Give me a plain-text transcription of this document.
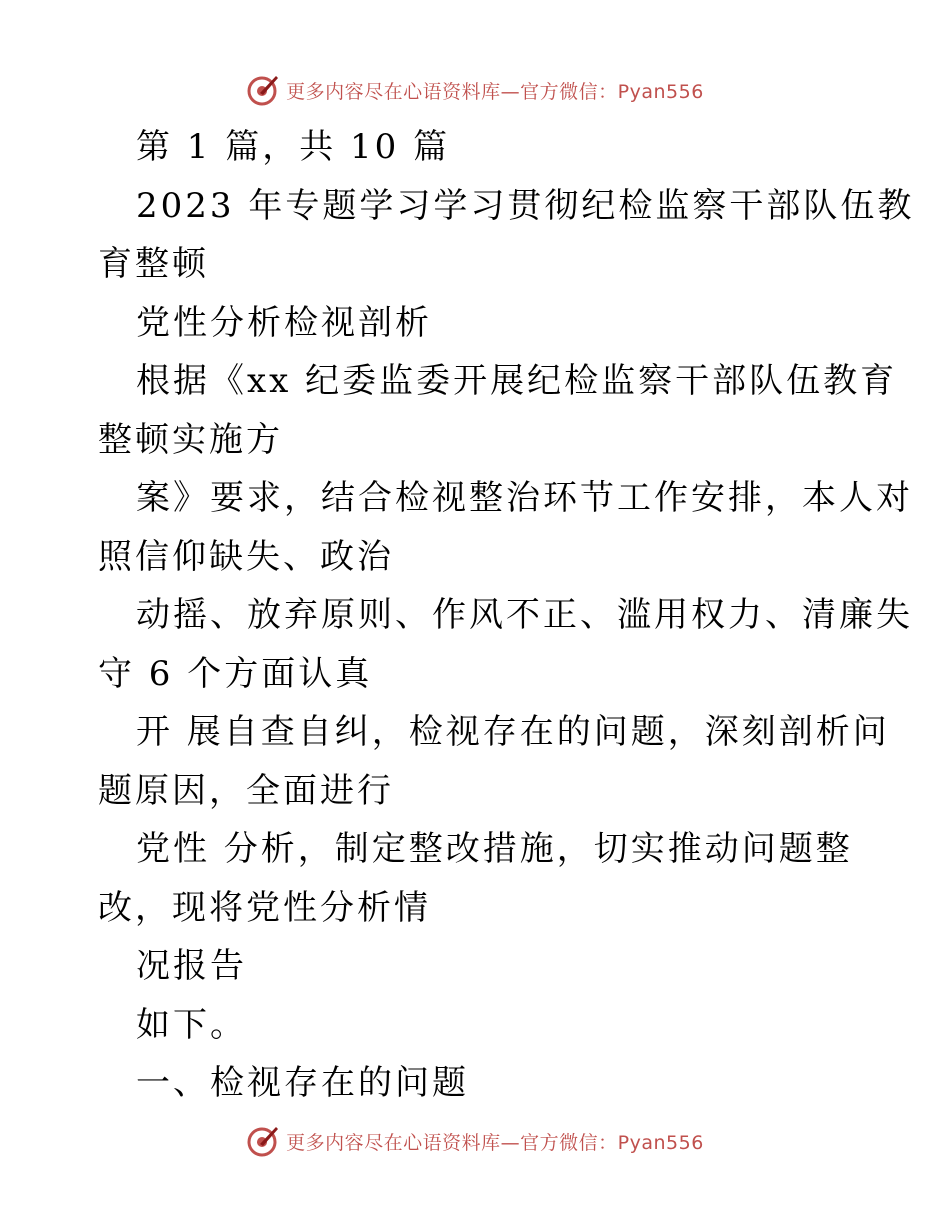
更多内容尽在心语资料库—官方微信：Pyan556
第 1 篇，共 10 篇
2023 年专题学习学习贯彻纪检监察干部队伍教
育整顿
党性分析检视剖析
根据《xx 纪委监委开展纪检监察干部队伍教育
整顿实施方
案》要求，结合检视整治环节工作安排，本人对
照信仰缺失、政治
动摇、放弃原则、作风不正、滥用权力、清廉失
守 6 个方面认真
开 展自查自纠，检视存在的问题，深刻剖析问
题原因，全面进行
党性 分析，制定整改措施，切实推动问题整
改，现将党性分析情
况报告
如下。
一、检视存在的问题
更多内容尽在心语资料库—官方微信：Pyan556
